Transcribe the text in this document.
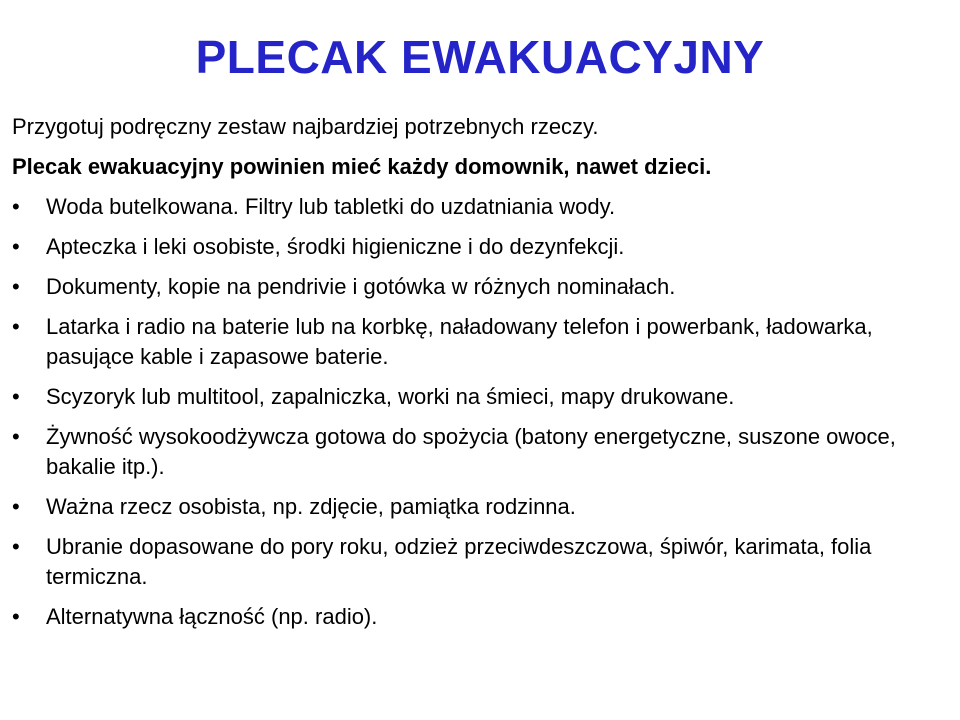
PLECAK EWAKUACYJNY

Przygotuj podręczny zestaw najbardziej potrzebnych rzeczy.

Plecak ewakuacyjny powinien mieć każdy domownik, nawet dzieci.

•	Woda butelkowana. Filtry lub tabletki do uzdatniania wody.
•	Apteczka i leki osobiste, środki higieniczne i do dezynfekcji.
•	Dokumenty, kopie na pendrivie i gotówka w różnych nominałach.
•	Latarka i radio na baterie lub na korbkę, naładowany telefon i powerbank, ładowarka, pasujące kable i zapasowe baterie.
•	Scyzoryk lub multitool, zapalniczka, worki na śmieci, mapy drukowane.
•	Żywność wysokoodżywcza gotowa do spożycia (batony energetyczne, suszone owoce, bakalie itp.).
•	Ważna rzecz osobista, np. zdjęcie, pamiątka rodzinna.
•	Ubranie dopasowane do pory roku, odzież przeciwdeszczowa, śpiwór, karimata, folia termiczna.
•	Alternatywna łączność (np. radio).
